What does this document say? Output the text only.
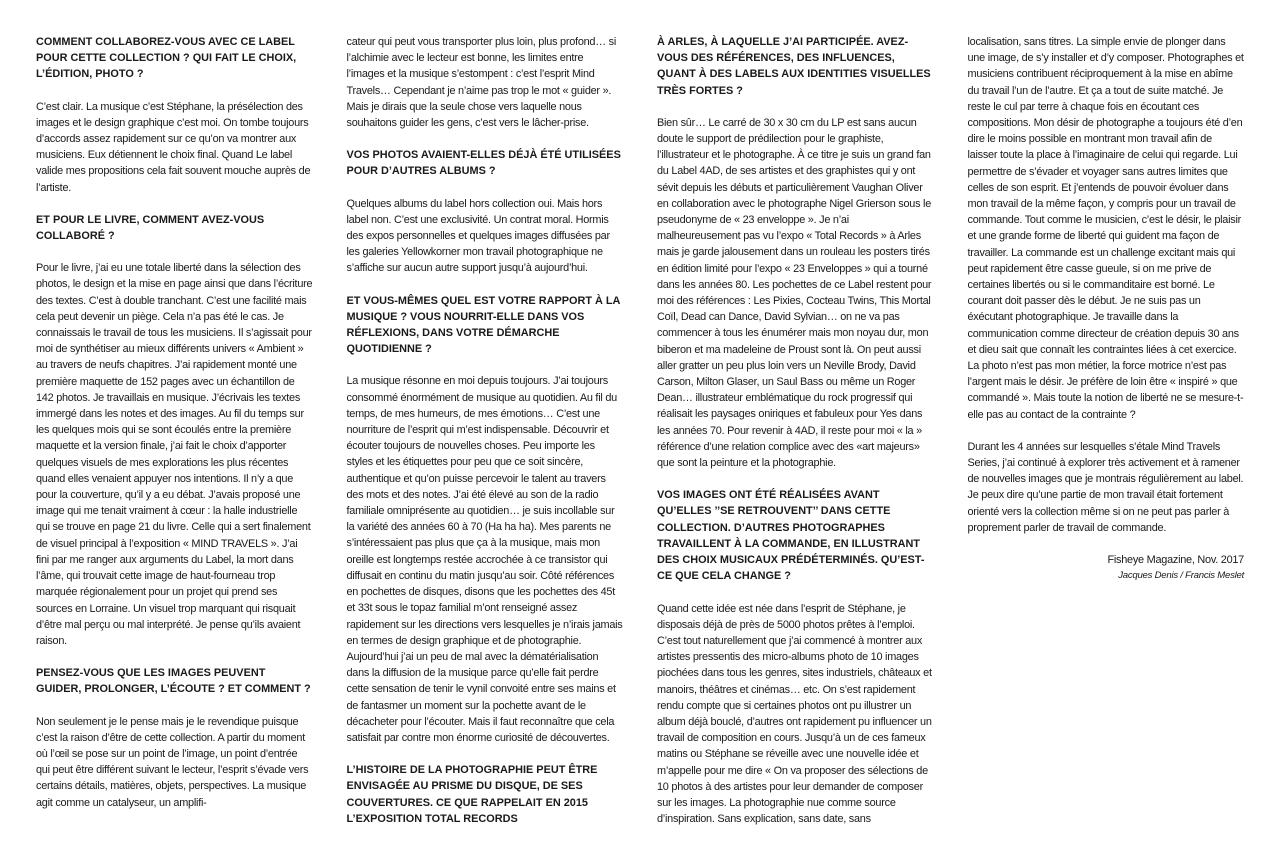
COMMENT COLLABOREZ-VOUS AVEC CE LABEL POUR CETTE COLLECTION ? QUI FAIT LE CHOIX, L’ÉDITION, PHOTO ?

C’est clair. La musique c’est Stéphane, la présélection des images et le design graphique c’est moi. On tombe toujours d’accords assez rapidement sur ce qu’on va montrer aux musiciens. Eux détiennent le choix final. Quand Le label valide mes propositions cela fait souvent mouche auprès de l’artiste.

ET POUR LE LIVRE, COMMENT AVEZ-VOUS COLLABORÉ ?

Pour le livre, j’ai eu une totale liberté dans la sélection des photos, le design et la mise en page ainsi que dans l’écriture des textes. C’est à double tranchant. C’est une facilité mais cela peut devenir un piège. Cela n’a pas été le cas. Je connaissais le travail de tous les musiciens. Il s’agissait pour moi de synthétiser au mieux différents univers « Ambient » au travers de neufs chapitres. J’ai rapidement monté une première maquette de 152 pages avec un échantillon de 142 photos. Je travaillais en musique. J’écrivais les textes immergé dans les notes et des images. Au fil du temps sur les quelques mois qui se sont écoulés entre la première maquette et la version finale, j’ai fait le choix d’apporter quelques visuels de mes explorations les plus récentes quand elles venaient appuyer nos intentions. Il n’y a que pour la couverture, qu’il y a eu débat. J’avais proposé une image qui me tenait vraiment à cœur : la halle industrielle qui se trouve en page 21 du livre. Celle qui a sert finalement de visuel principal à l’exposition « MIND TRAVELS ». J’ai fini par me ranger aux arguments du Label, la mort dans l’âme, qui trouvait cette image de haut-fourneau trop marquée régionalement pour un projet qui prend ses sources en Lorraine. Un visuel trop marquant qui risquait d’être mal perçu ou mal interprété. Je pense qu’ils avaient raison.

PENSEZ-VOUS QUE LES IMAGES PEUVENT GUIDER, PROLONGER, L’ÉCOUTE ? ET COMMENT ?

Non seulement je le pense mais je le revendique puisque c’est la raison d’être de cette collection. A partir du moment où l’œil se pose sur un point de l’image, un point d’entrée qui peut être différent suivant le lecteur, l’esprit s’évade vers certains détails, matières, objets, perspectives. La musique agit comme un catalyseur, un amplifi-

cateur qui peut vous transporter plus loin, plus profond… si l’alchimie avec le lecteur est bonne, les limites entre l’images et la musique s’estompent : c’est l’esprit Mind Travels… Cependant je n’aime pas trop le mot « guider ». Mais je dirais que la seule chose vers laquelle nous souhaitons guider les gens, c’est vers le lâcher-prise.

VOS PHOTOS AVAIENT-ELLES DÉJÀ ÉTÉ UTILISÉES POUR D’AUTRES ALBUMS ?

Quelques albums du label hors collection oui. Mais hors label non. C’est une exclusivité. Un contrat moral. Hormis des expos personnelles et quelques images diffusées par les galeries Yellowkorner mon travail photographique ne s’affiche sur aucun autre support jusqu’à aujourd’hui.

ET VOUS-MÊMES QUEL EST VOTRE RAPPORT À LA MUSIQUE ? VOUS NOURRIT-ELLE DANS VOS RÉFLEXIONS, DANS VOTRE DÉMARCHE QUOTIDIENNE ?

La musique résonne en moi depuis toujours. J’ai toujours consommé énormément de musique au quotidien. Au fil du temps, de mes humeurs, de mes émotions… C’est une nourriture de l’esprit qui m’est indispensable. Découvrir et écouter toujours de nouvelles choses. Peu importe les styles et les étiquettes pour peu que ce soit sincère, authentique et qu’on puisse percevoir le talent au travers des mots et des notes. J’ai été élevé au son de la radio familiale omniprésente au quotidien… je suis incollable sur la variété des années 60 à 70 (Ha ha ha). Mes parents ne s’intéressaient pas plus que ça à la musique, mais mon oreille est longtemps restée accrochée à ce transistor qui diffusait en continu du matin jusqu’au soir. Côté références en pochettes de disques, disons que les pochettes des 45t et 33t sous le topaz familial m’ont renseigné assez rapidement sur les directions vers lesquelles je n’irais jamais en termes de design graphique et de photographie. Aujourd’hui j’ai un peu de mal avec la dématérialisation dans la diffusion de la musique parce qu’elle fait perdre cette sensation de tenir le vynil convoité entre ses mains et de fantasmer un moment sur la pochette avant de le décacheter pour l’écouter. Mais il faut reconnaître que cela satisfait par contre mon énorme curiosité de découvertes.

L’HISTOIRE DE LA PHOTOGRAPHIE PEUT ÊTRE ENVISAGÉE AU PRISME DU DISQUE, DE SES COUVERTURES. CE QUE RAPPELAIT EN 2015 L’EXPOSITION TOTAL RECORDS
À ARLES, À LAQUELLE J’AI PARTICIPÉE. AVEZ-VOUS DES RÉFÉRENCES, DES INFLUENCES, QUANT À DES LABELS AUX IDENTITIES VISUELLES TRÈS FORTES ?

Bien sûr… Le carré de 30 x 30 cm du LP est sans aucun doute le support de prédilection pour le graphiste, l’illustrateur et le photographe. À ce titre je suis un grand fan du Label 4AD, de ses artistes et des graphistes qui y ont sévit depuis les débuts et particulièrement Vaughan Oliver en collaboration avec le photographe Nigel Grierson sous le pseudonyme de « 23 enveloppe ». Je n’ai malheureusement pas vu l’expo « Total Records » à Arles mais je garde jalousement dans un rouleau les posters tirés en édition limité pour l’expo « 23 Enveloppes » qui a tourné dans les années 80. Les pochettes de ce Label restent pour moi des références : Les Pixies, Cocteau Twins, This Mortal Coïl, Dead can Dance, David Sylvian… on ne va pas commencer à tous les énumérer mais mon noyau dur, mon biberon et ma madeleine de Proust sont là. On peut aussi aller gratter un peu plus loin vers un Neville Brody, David Carson, Milton Glaser, un Saul Bass ou même un Roger Dean… illustrateur emblématique du rock progressif qui réalisait les paysages oniriques et fabuleux pour Yes dans les années 70. Pour revenir à 4AD, il reste pour moi « la » référence d’une relation complice avec des «art majeurs» que sont la peinture et la photographie.

VOS IMAGES ONT ÉTÉ RÉALISÉES AVANT QU’ELLES ’’SE RETROUVENT’’ DANS CETTE COLLECTION. D’AUTRES PHOTOGRAPHES TRAVAILLENT À LA COMMANDE, EN ILLUSTRANT DES CHOIX MUSICAUX PRÉDÉTERMINÉS. QU’EST-CE QUE CELA CHANGE ?

Quand cette idée est née dans l’esprit de Stéphane, je disposais déjà de près de 5000 photos prêtes à l’emploi. C’est tout naturellement que j’ai commencé à montrer aux artistes pressentis des micro-albums photo de 10 images piochées dans tous les genres, sites industriels, châteaux et manoirs, théâtres et cinémas… etc. On s’est rapidement rendu compte que si certaines photos ont pu illustrer un album déjà bouclé, d’autres ont rapidement pu influencer un travail de composition en cours. Jusqu’à un de ces fameux matins ou Stéphane se réveille avec une nouvelle idée et m’appelle pour me dire « On va proposer des sélections de 10 photos à des artistes pour leur demander de composer sur les images. La photographie nue comme source d’inspiration. Sans explication, sans date, sans

localisation, sans titres. La simple envie de plonger dans une image, de s’y installer et d’y composer. Photographes et musiciens contribuent réciproquement à la mise en abîme du travail l’un de l’autre. Et ça a tout de suite matché. Je reste le cul par terre à chaque fois en écoutant ces compositions. Mon désir de photographe a toujours été d’en dire le moins possible en montrant mon travail afin de laisser toute la place à l’imaginaire de celui qui regarde. Lui permettre de s’évader et voyager sans autres limites que celles de son esprit. Et j’entends de pouvoir évoluer dans mon travail de la même façon, y compris pour un travail de commande. Tout comme le musicien, c’est le désir, le plaisir et une grande forme de liberté qui guident ma façon de travailler. La commande est un challenge excitant mais qui peut rapidement être casse gueule, si on me prive de certaines libertés ou si le commanditaire est borné. Le courant doit passer dès le début. Je ne suis pas un éxécutant photographique. Je travaille dans la communication comme directeur de création depuis 30 ans et dieu sait que connaît les contraintes liées à cet exercice. La photo n’est pas mon métier, la force motrice n’est pas l’argent mais le désir. Je préfère de loin être « inspiré » que commandé ». Mais toute la notion de liberté ne se mesure-t-elle pas au contact de la contrainte ?

Durant les 4 années sur lesquelles s’étale Mind Travels Series, j’ai continué à explorer très activement et à ramener de nouvelles images que je montrais régulièrement au label. Je peux dire qu’une partie de mon travail était fortement orienté vers la collection même si on ne peut pas parler à proprement parler de travail de commande.

Fisheye Magazine, Nov. 2017
Jacques Denis / Francis Meslet
